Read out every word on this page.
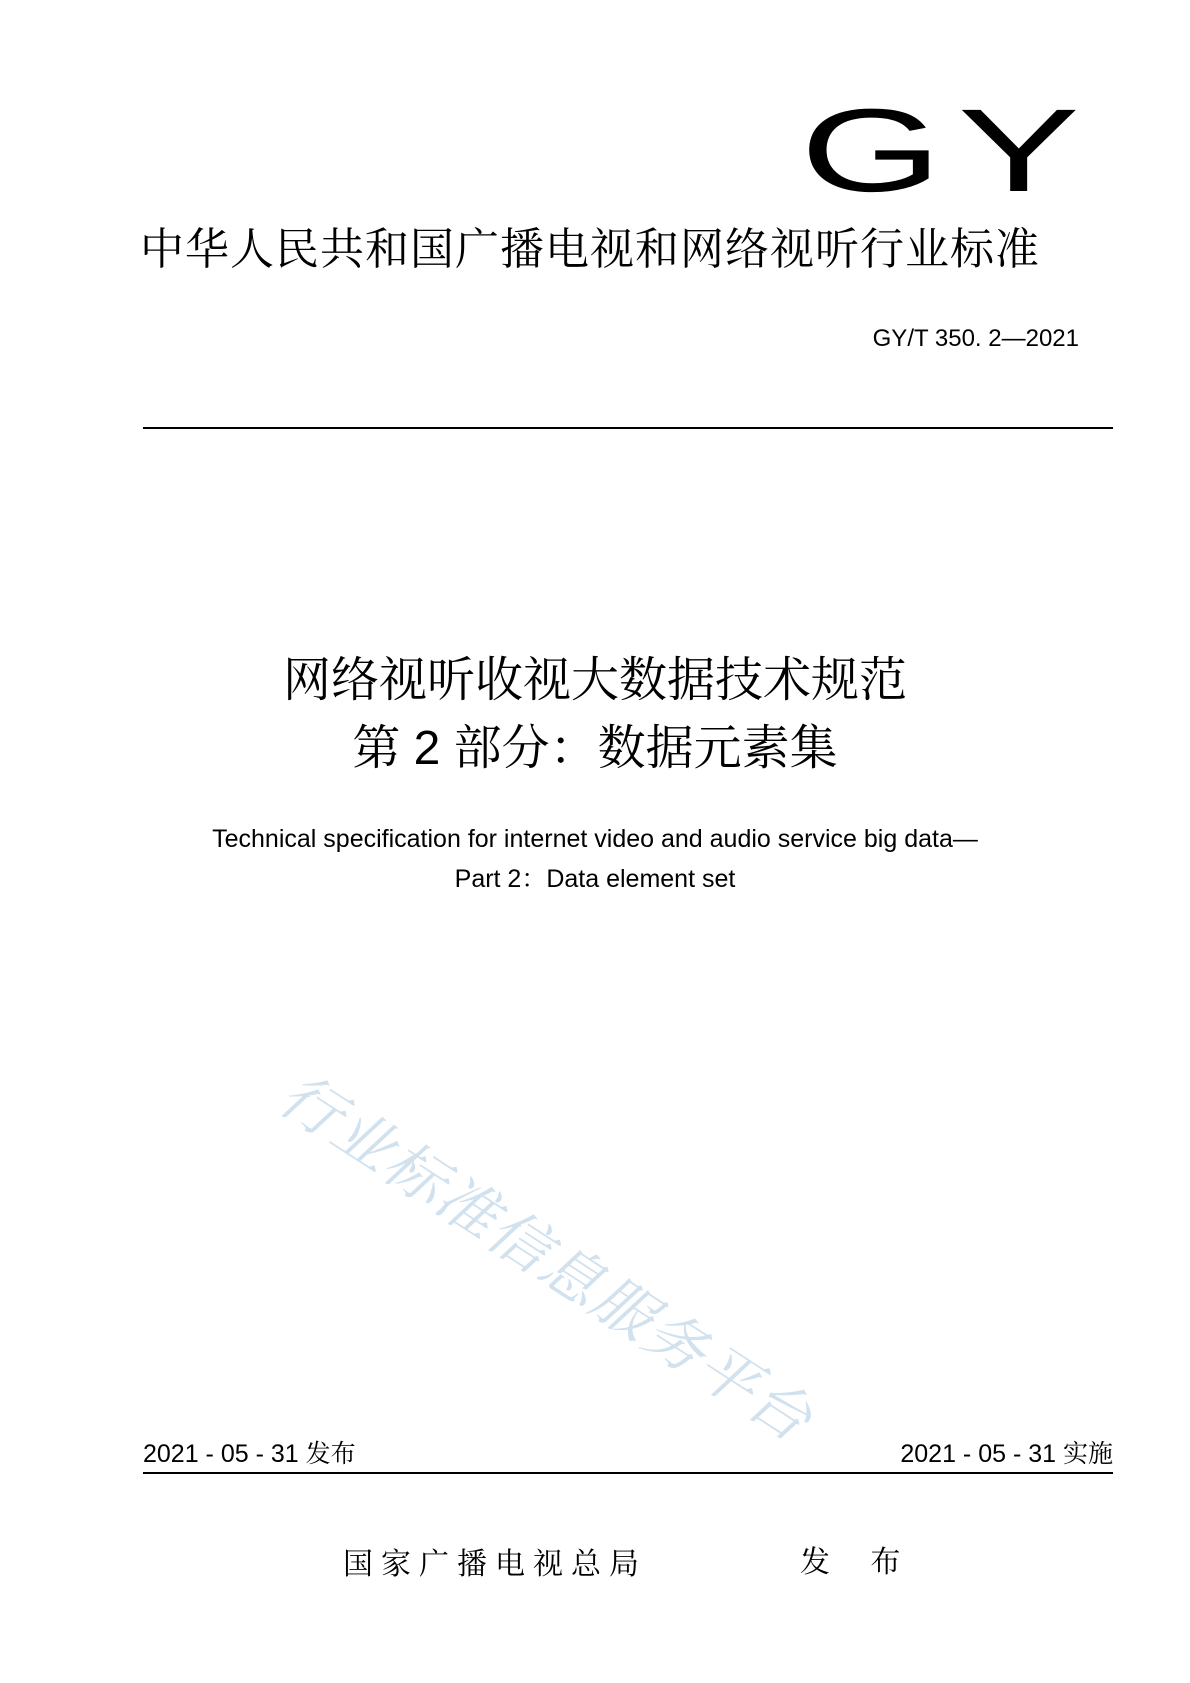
GY
中华人民共和国广播电视和网络视听行业标准
GY/T 350. 2—2021
网络视听收视大数据技术规范
第 2 部分：数据元素集
Technical specification for internet video and audio service big data—
Part 2：Data element set
行业标准信息服务平台
2021 - 05 - 31 发布	2021 - 05 - 31 实施
国家广播电视总局	发 布
